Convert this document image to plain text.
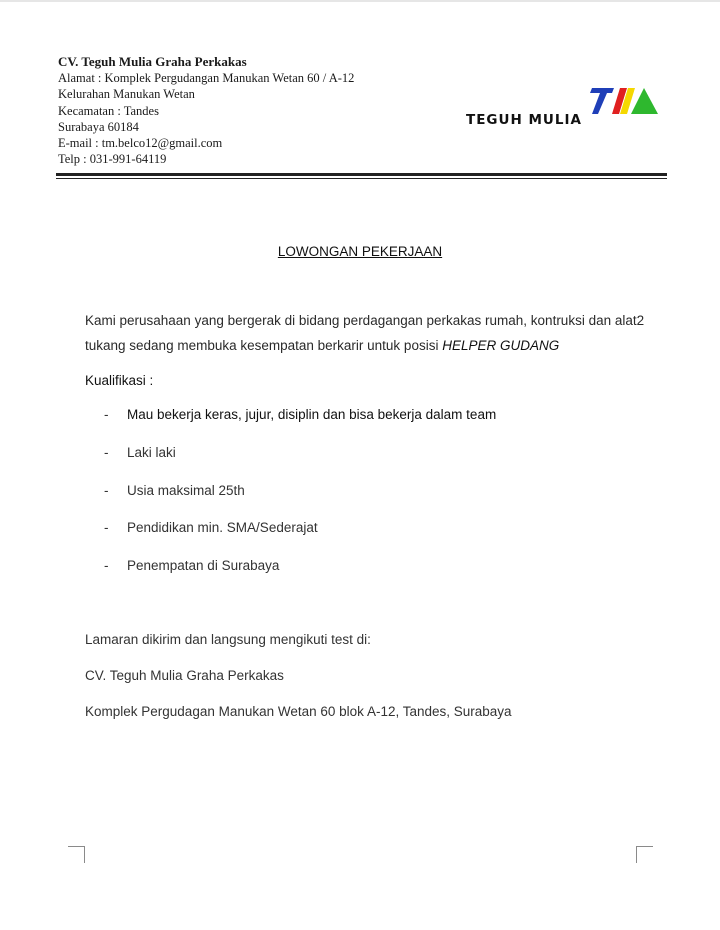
CV. Teguh Mulia Graha Perkakas
Alamat : Komplek Pergudangan Manukan Wetan 60 / A-12
Kelurahan Manukan Wetan
Kecamatan : Tandes
Surabaya 60184
E-mail : tm.belco12@gmail.com
Telp : 031-991-64119
TEGUH MULIA
LOWONGAN PEKERJAAN
Kami perusahaan yang bergerak di bidang perdagangan perkakas rumah, kontruksi dan alat2 tukang sedang membuka kesempatan berkarir untuk posisi HELPER GUDANG
Kualifikasi :
- Mau bekerja keras, jujur, disiplin dan bisa bekerja dalam team
- Laki laki
- Usia maksimal 25th
- Pendidikan min. SMA/Sederajat
- Penempatan di Surabaya
Lamaran dikirim dan langsung mengikuti test di:
CV. Teguh Mulia Graha Perkakas
Komplek Pergudagan Manukan Wetan 60 blok A-12, Tandes, Surabaya
